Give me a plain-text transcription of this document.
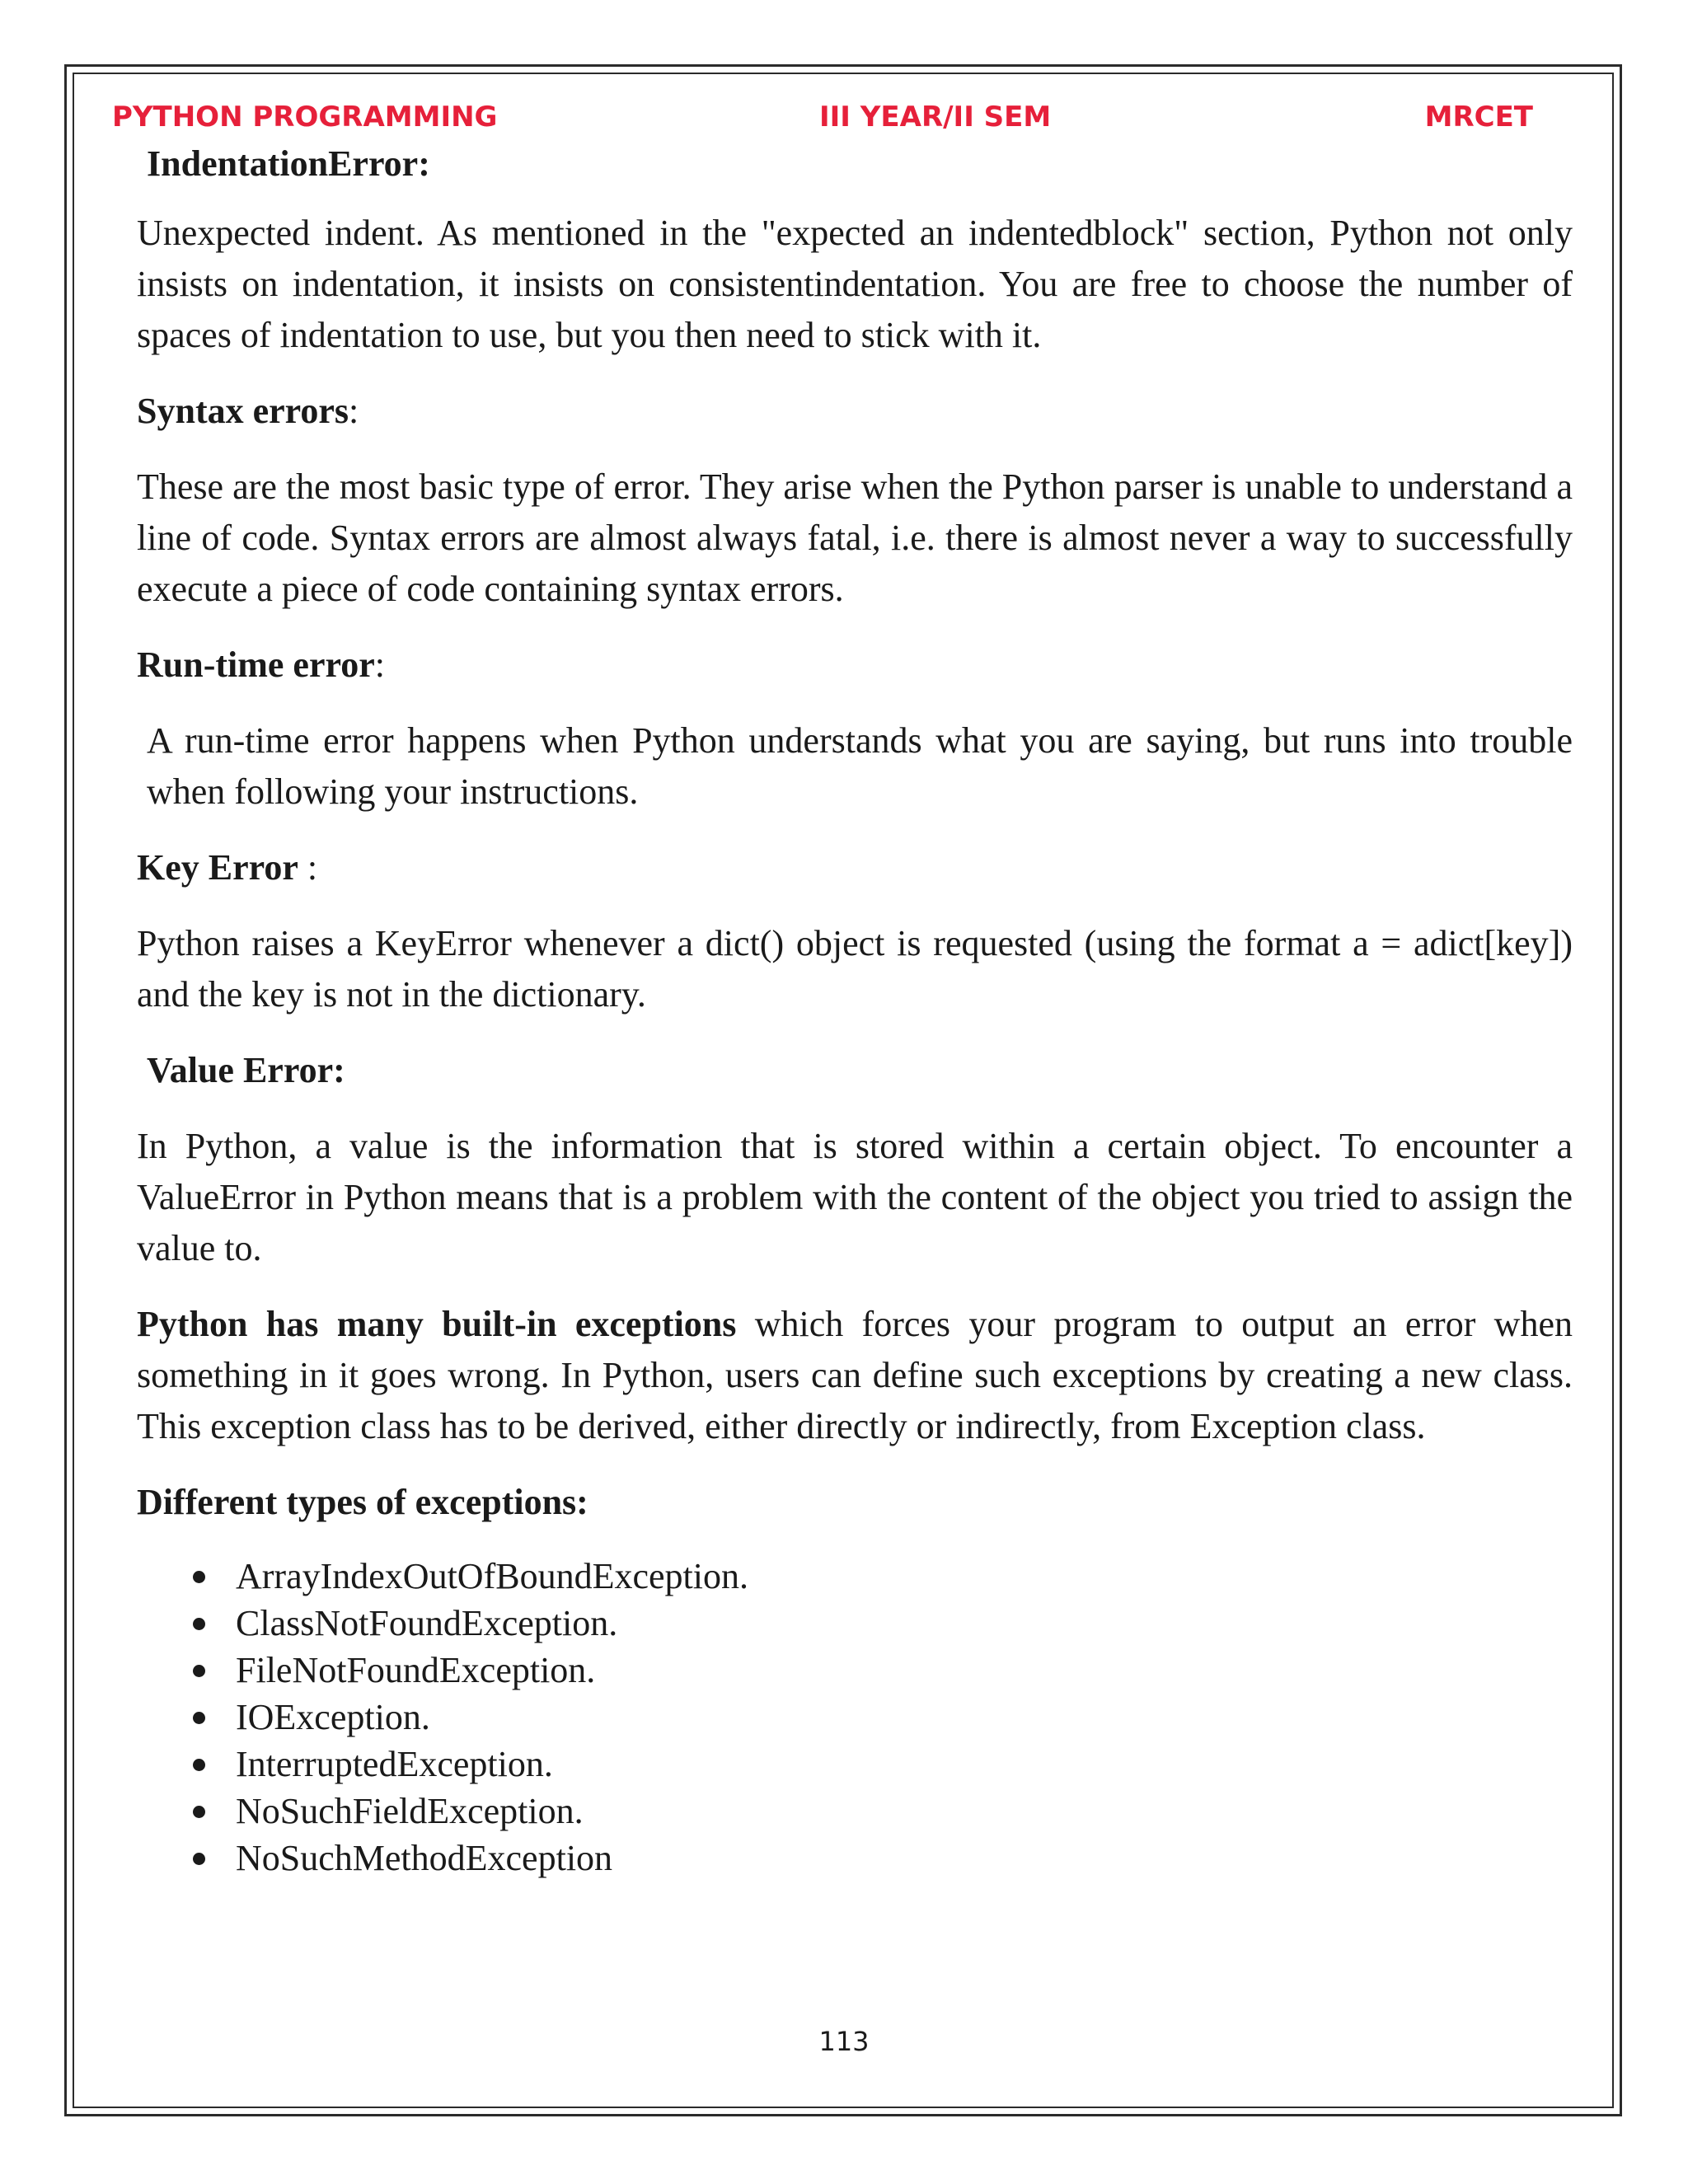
PYTHON PROGRAMMING	III YEAR/II SEM	MRCET

IndentationError:

Unexpected indent. As mentioned in the "expected an indentedblock" section, Python not only insists on indentation, it insists on consistentindentation. You are free to choose the number of spaces of indentation to use, but you then need to stick with it.

Syntax errors:

These are the most basic type of error. They arise when the Python parser is unable to understand a line of code. Syntax errors are almost always fatal, i.e. there is almost never a way to successfully execute a piece of code containing syntax errors.

Run-time error:

A run-time error happens when Python understands what you are saying, but runs into trouble when following your instructions.

Key Error :

Python raises a KeyError whenever a dict() object is requested (using the format a = adict[key]) and the key is not in the dictionary.

Value Error:

In Python, a value is the information that is stored within a certain object. To encounter a ValueError in Python means that is a problem with the content of the object you tried to assign the value to.

Python has many built-in exceptions which forces your program to output an error when something in it goes wrong. In Python, users can define such exceptions by creating a new class. This exception class has to be derived, either directly or indirectly, from Exception class.

Different types of exceptions:

ArrayIndexOutOfBoundException.
ClassNotFoundException.
FileNotFoundException.
IOException.
InterruptedException.
NoSuchFieldException.
NoSuchMethodException
113
